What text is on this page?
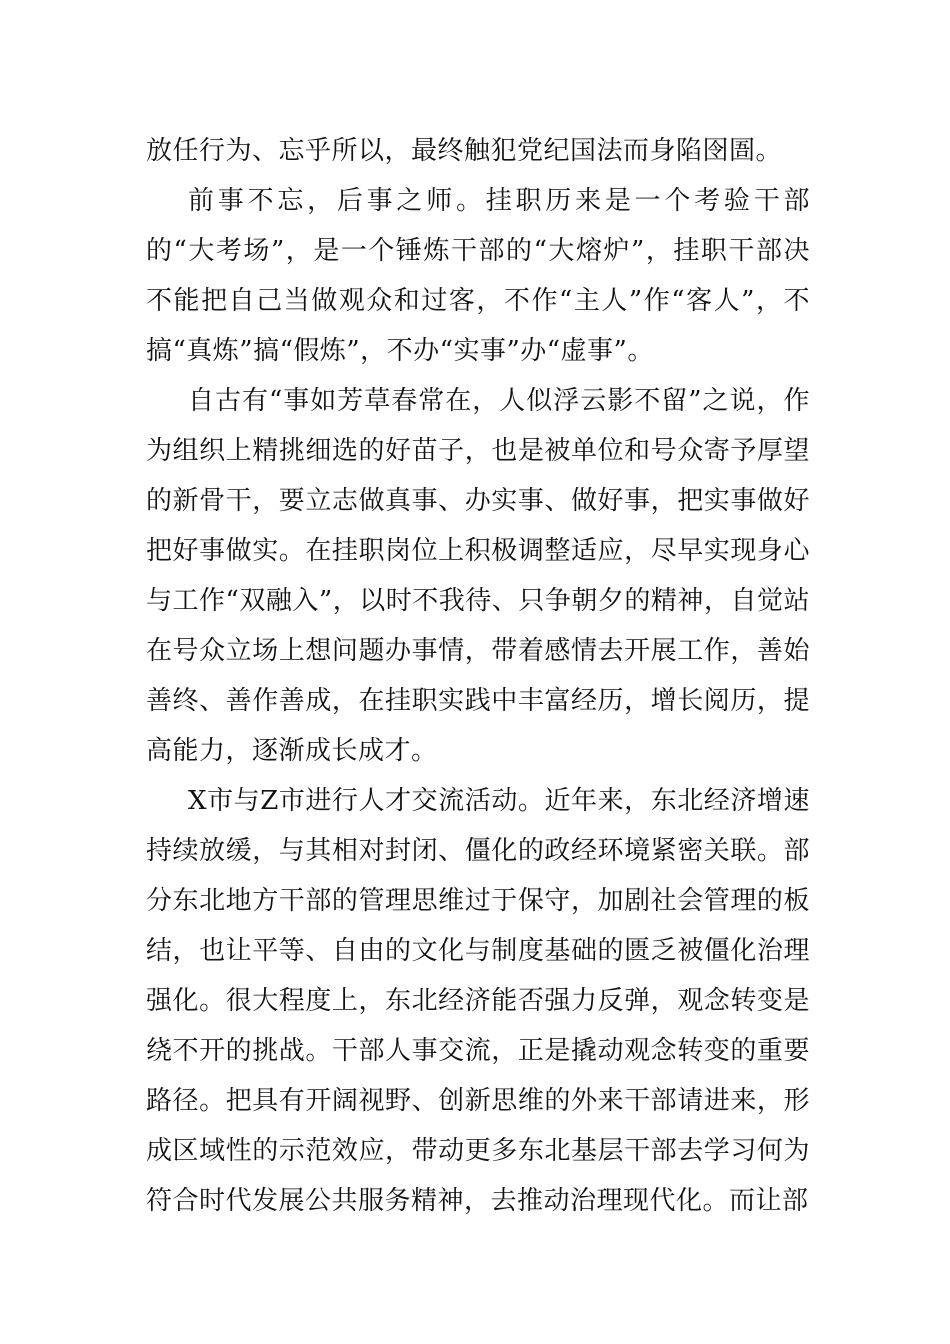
放任行为、忘乎所以，最终触犯党纪国法而身陷囹圄。

前事不忘，后事之师。挂职历来是一个考验干部的“大考场”，是一个锤炼干部的“大熔炉”，挂职干部决不能把自己当做观众和过客，不作“主人”作“客人”，不搞“真炼”搞“假炼”，不办“实事”办“虚事”。

自古有“事如芳草春常在，人似浮云影不留”之说，作为组织上精挑细选的好苗子，也是被单位和号众寄予厚望的新骨干，要立志做真事、办实事、做好事，把实事做好把好事做实。在挂职岗位上积极调整适应，尽早实现身心与工作“双融入”，以时不我待、只争朝夕的精神，自觉站在号众立场上想问题办事情，带着感情去开展工作，善始善终、善作善成，在挂职实践中丰富经历，增长阅历，提高能力，逐渐成长成才。

X市与Z市进行人才交流活动。近年来，东北经济增速持续放缓，与其相对封闭、僵化的政经环境紧密关联。部分东北地方干部的管理思维过于保守，加剧社会管理的板结，也让平等、自由的文化与制度基础的匮乏被僵化治理强化。很大程度上，东北经济能否强力反弹，观念转变是绕不开的挑战。干部人事交流，正是撬动观念转变的重要路径。把具有开阔视野、创新思维的外来干部请进来，形成区域性的示范效应，带动更多东北基层干部去学习何为符合时代发展公共服务精神，去推动治理现代化。而让部
